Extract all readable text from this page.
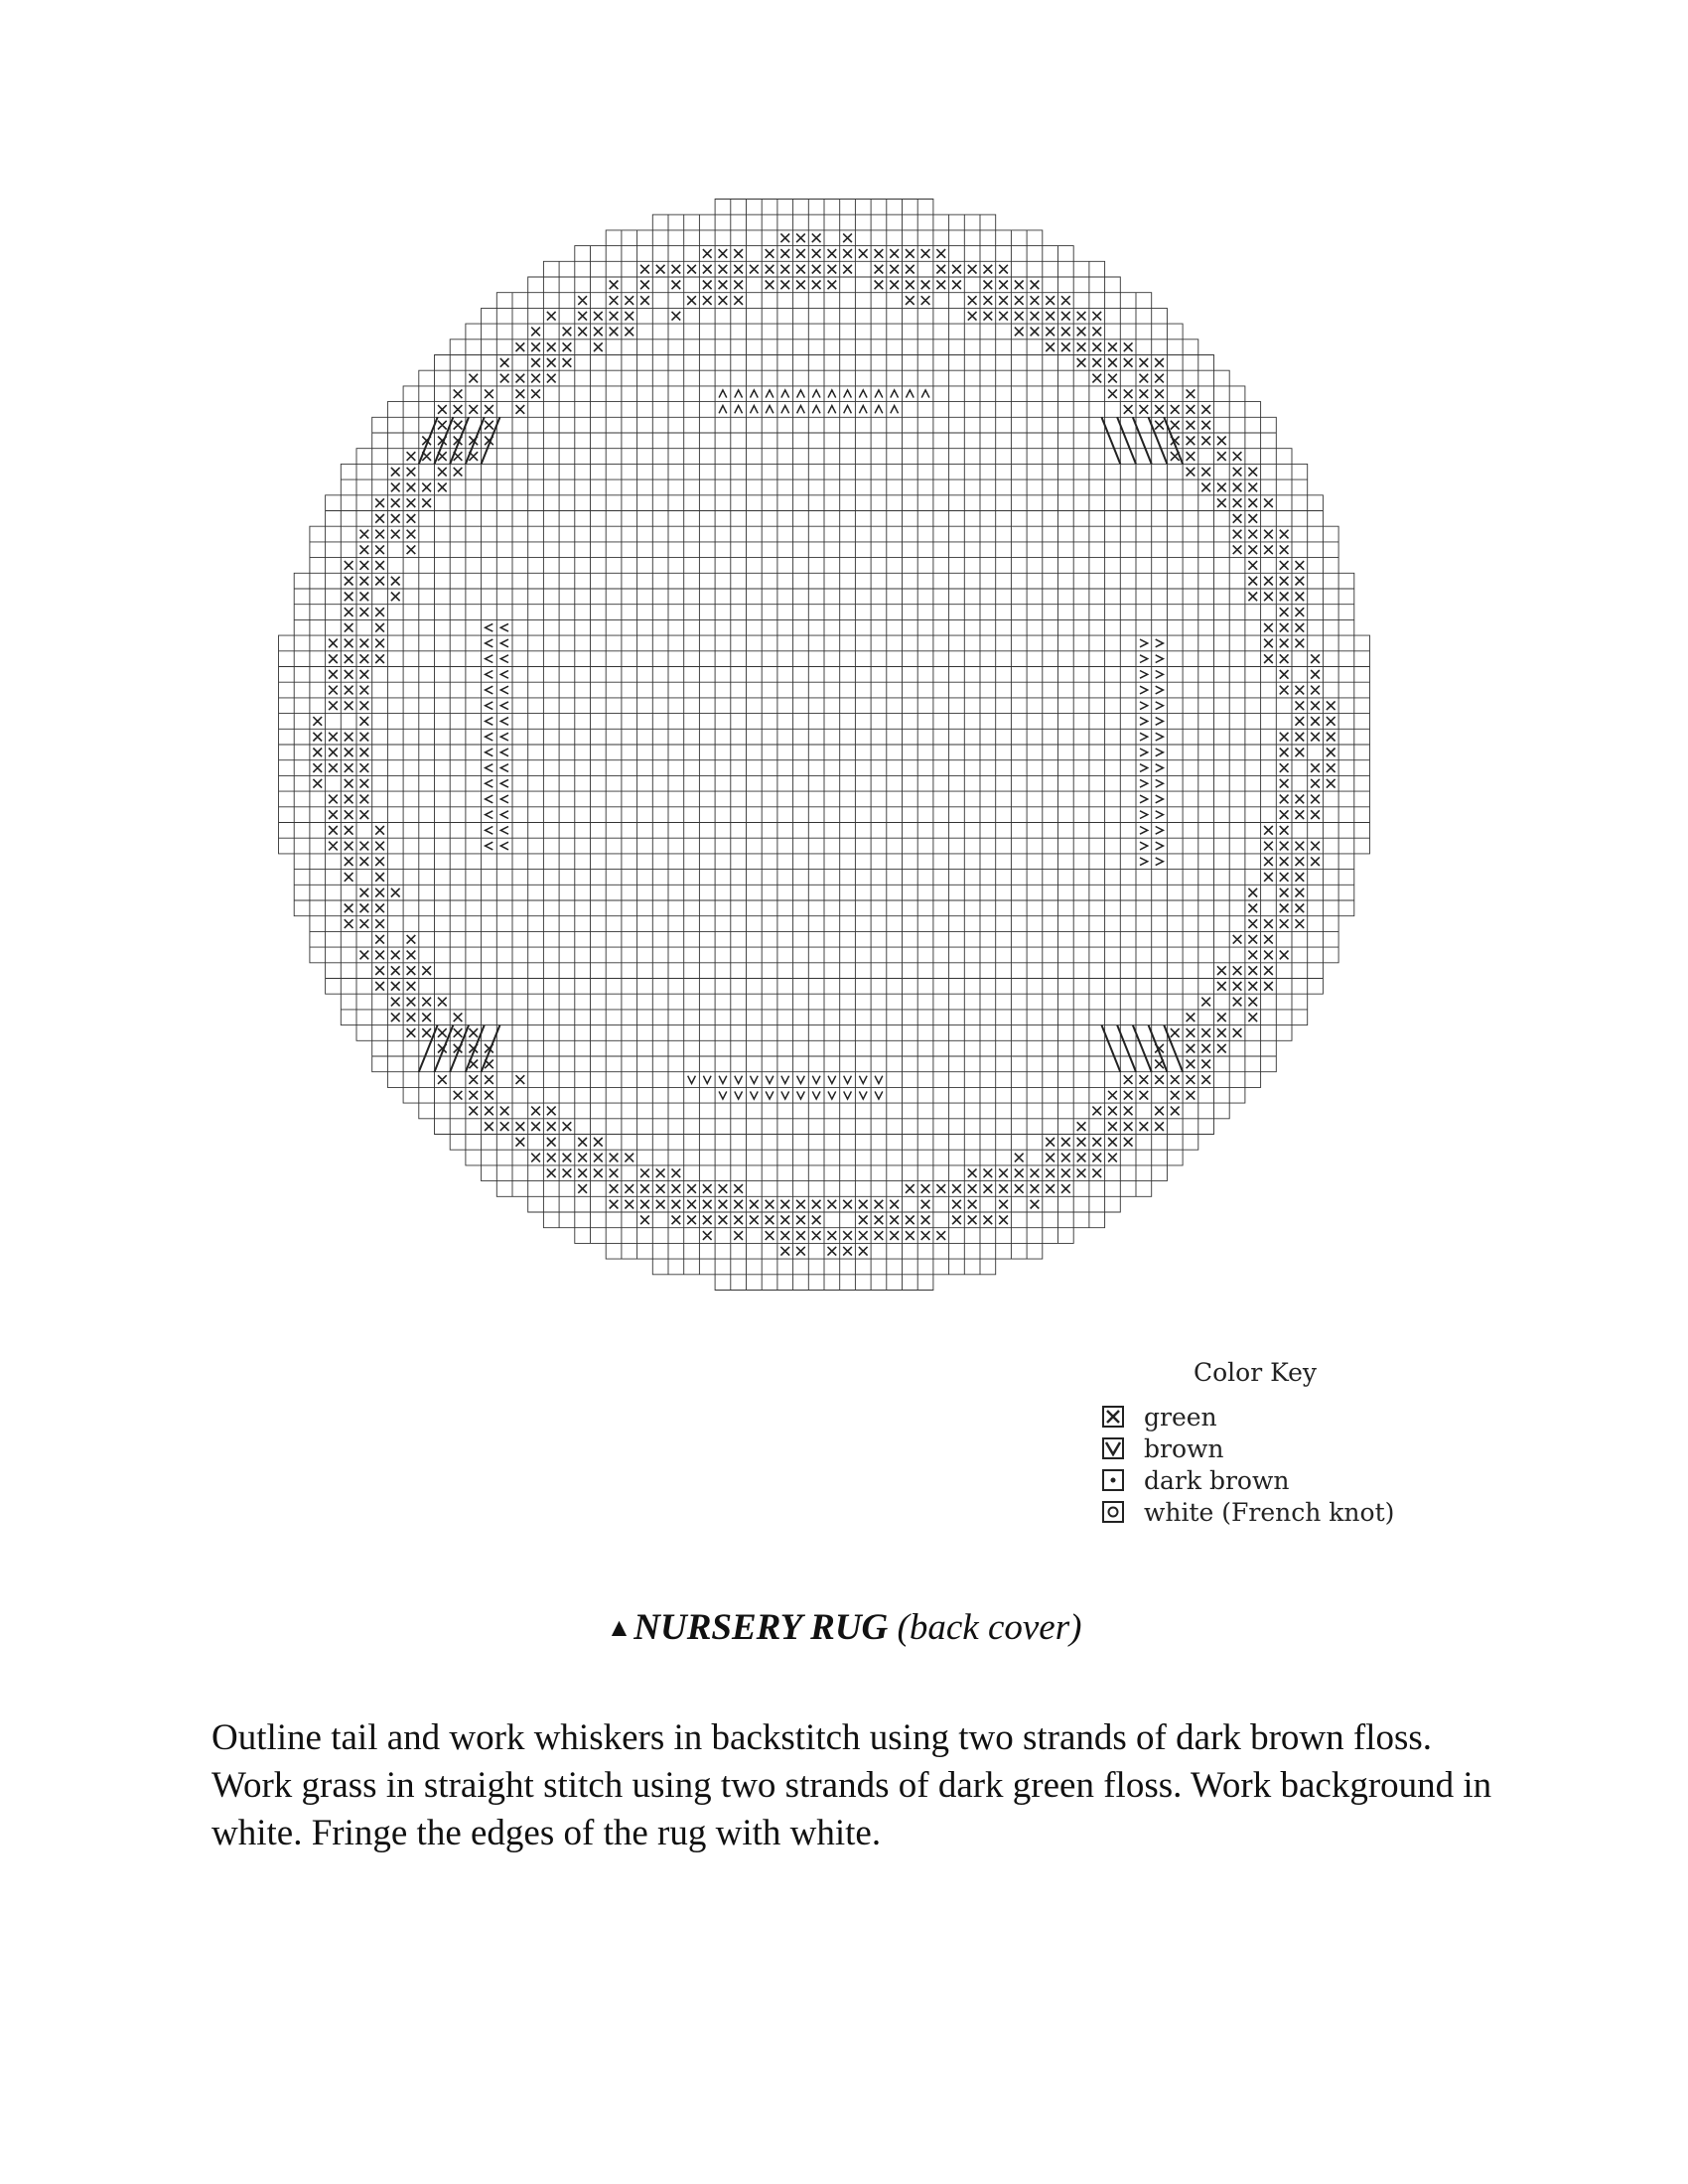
Color Key
green
brown
dark brown
white (French knot)
▲NURSERY RUG (back cover)

Outline tail and work whiskers in backstitch using two strands of dark brown floss. Work grass in straight stitch using two strands of dark green floss. Work background in white. Fringe the edges of the rug with white.
